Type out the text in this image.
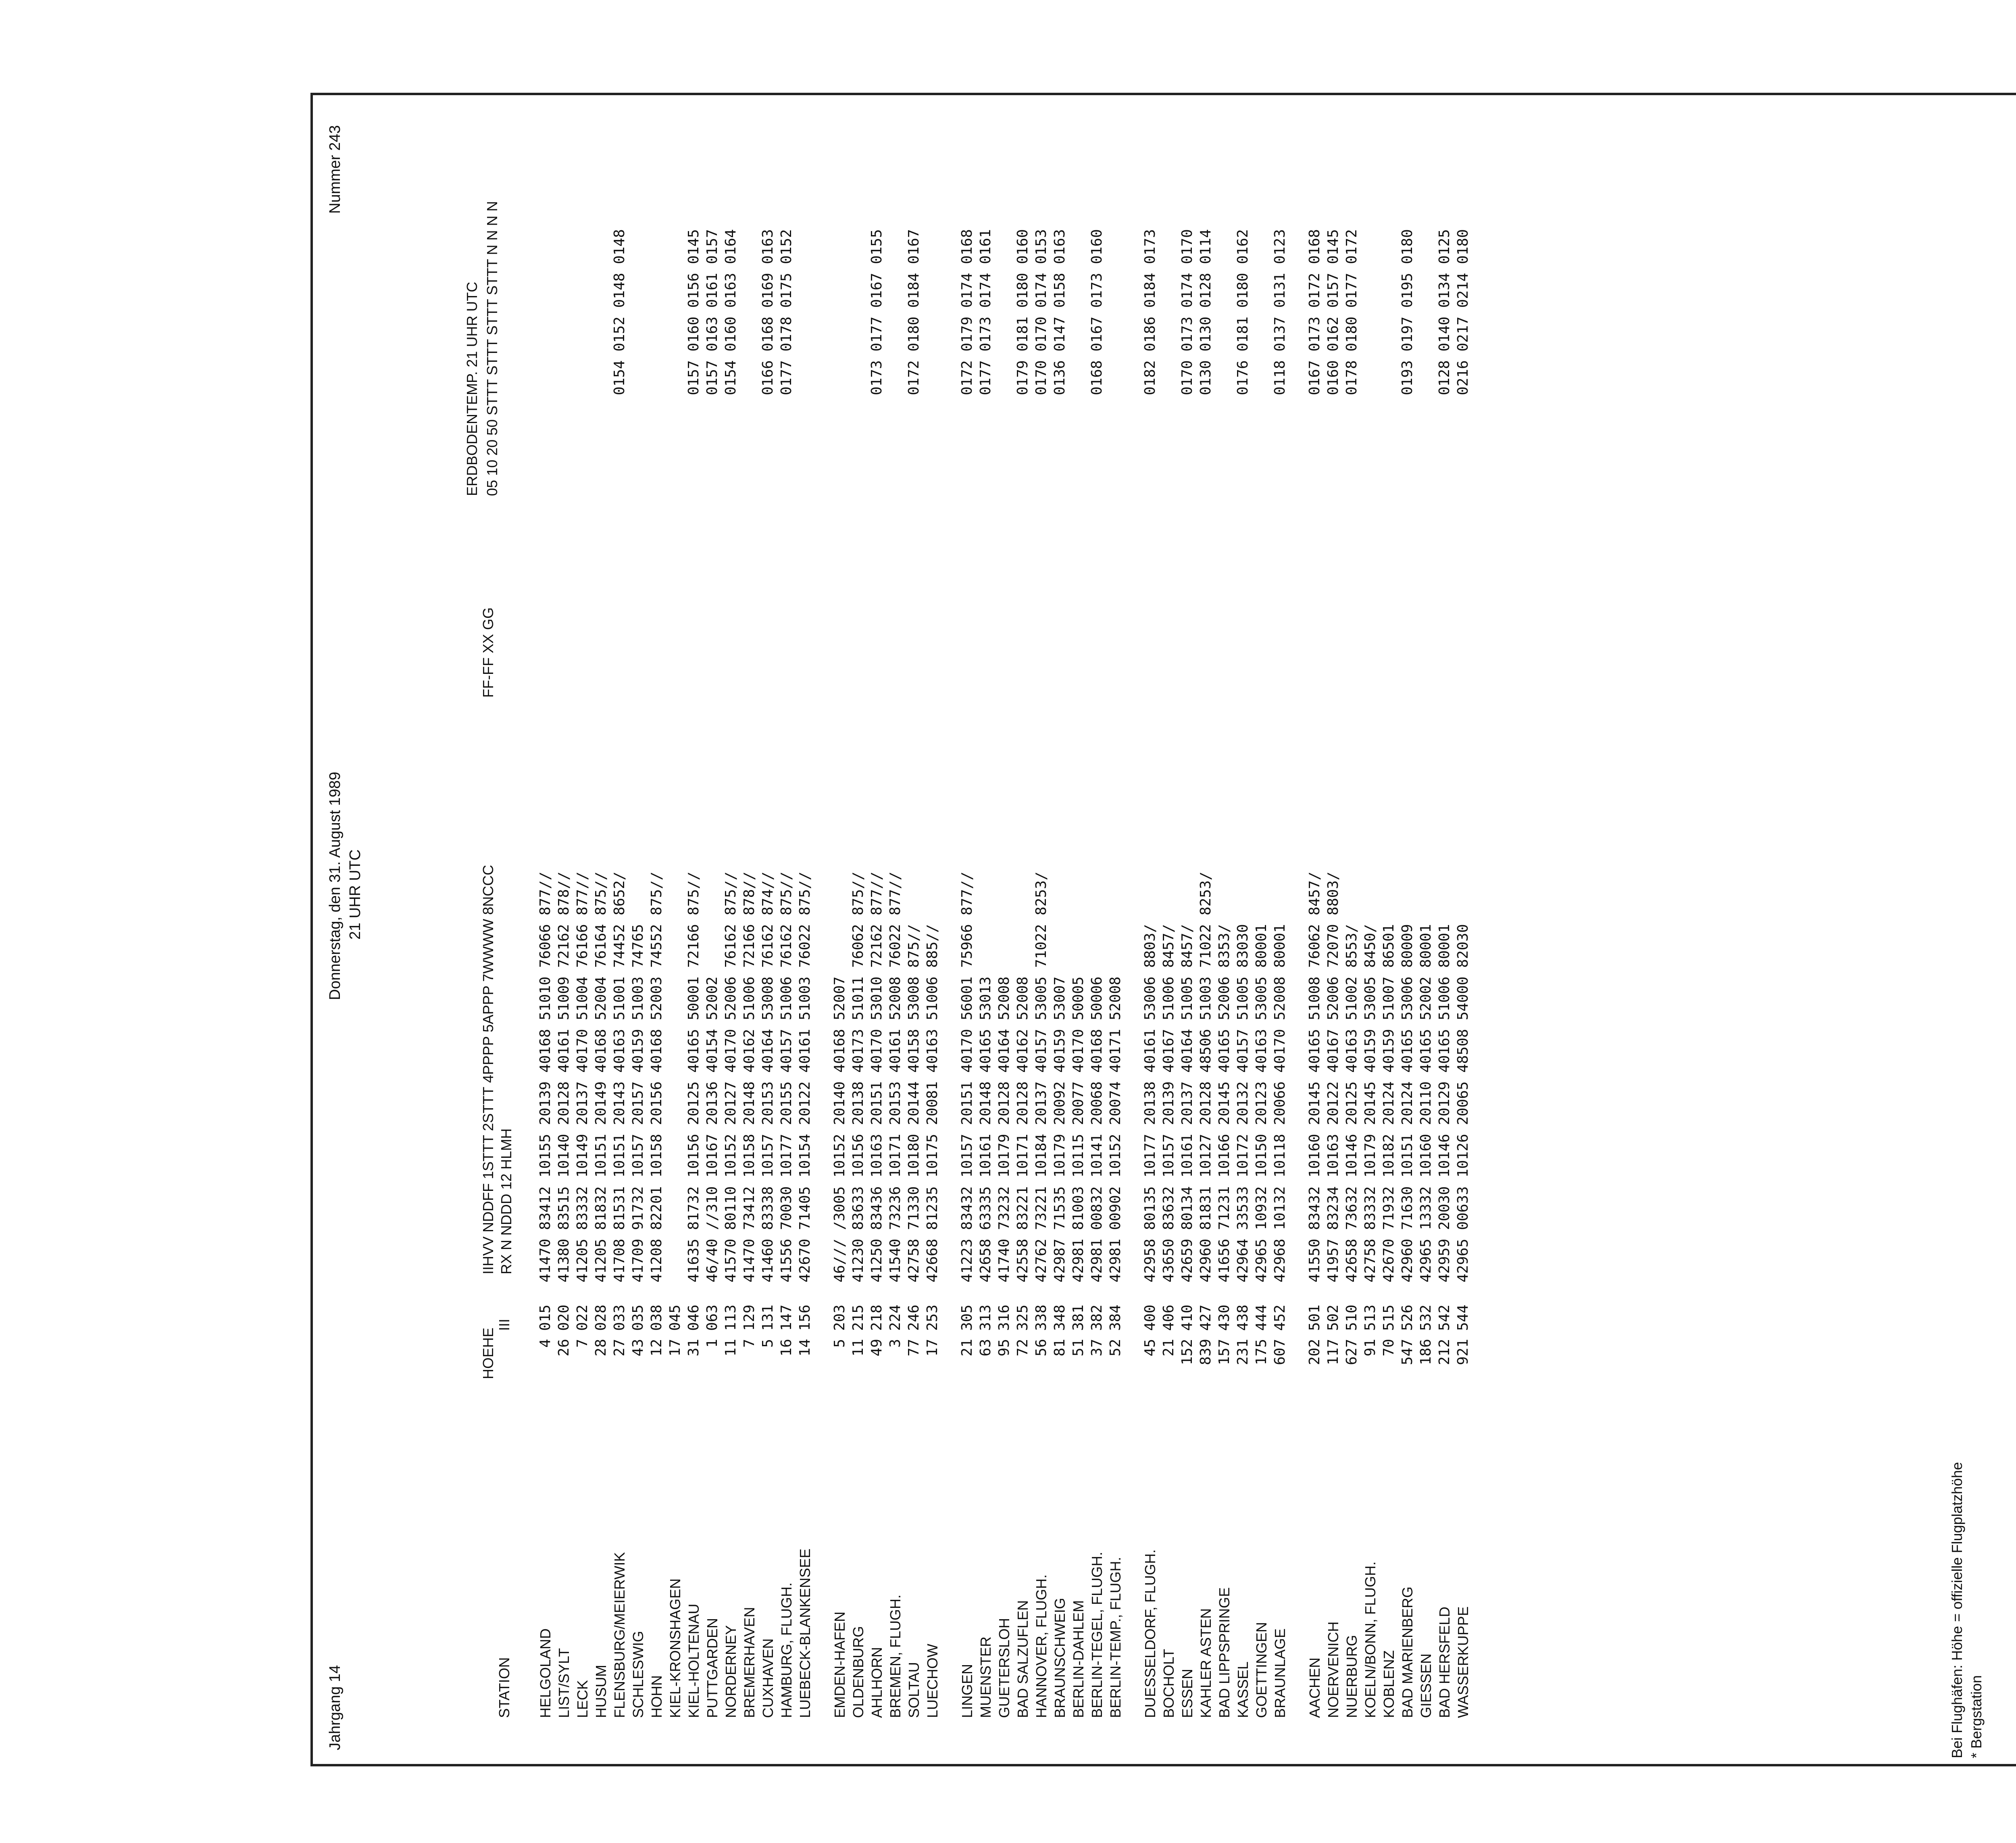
Jahrgang 14
Donnerstag, den 31. August 1989 21 UHR UTC
Nummer 243
STATION
HOEHE
III
IIHVV NDDFF 1STTT 2STTT 4PPPP 5APPP 7WWWW 8NCCC RX N NDDD 12 HLMH
FF-FF XX GG
ERDBODENTEMP. 21 UHR UTC 05 10 20 50 STTT STTT STTT STTT N N N N
HELGOLAND
4
015
41470 83412 10155 20139 40168 51010 76066 877//
LIST/SYLT
26
020
41380 83515 10140 20128 40161 51009 72162 878//
LECK
7
022
41205 83332 10149 20137 40170 51004 76166 877//
HUSUM
28
028
41205 81832 10151 20149 40168 52004 76164 875//
FLENSBURG/MEIERWIK
27
033
41708 81531 10151 20143 40163 51001 74452 8652/
0154 0152 0148 0148
SCHLESWIG
43
035
41709 91732 10157 20157 40159 51003 74765
HOHN
12
038
41208 82201 10158 20156 40168 52003 74552 875//
KIEL-KRONSHAGEN
17
045
KIEL-HOLTENAU
31
046
41635 81732 10156 20125 40165 50001 72166 875//
0157 0160 0156 0145
PUTTGARDEN
1
063
46/40 //310 10167 20136 40154 52002
0157 0163 0161 0157
NORDERNEY
11
113
41570 80110 10152 20127 40170 52006 76162 875//
0154 0160 0163 0164
BREMERHAVEN
7
129
41470 73412 10158 20148 40162 51006 72166 878//
CUXHAVEN
5
131
41460 83338 10157 20153 40164 53008 76162 874//
0166 0168 0169 0163
HAMBURG, FLUGH.
16
147
41556 70030 10177 20155 40157 51006 76162 875//
0177 0178 0175 0152
LUEBECK-BLANKENSEE
14
156
42670 71405 10154 20122 40161 51003 76022 875//
EMDEN-HAFEN
5
203
46/// /3005 10152 20140 40168 52007
OLDENBURG
11
215
41230 83633 10156 20138 40173 51011 76062 875//
AHLHORN
49
218
41250 83436 10163 20151 40170 53010 72162 877//
0173 0177 0167 0155
BREMEN, FLUGH.
3
224
41540 73236 10171 20153 40161 52008 76022 877//
SOLTAU
77
246
42758 71330 10180 20144 40158 53008 875//
0172 0180 0184 0167
LUECHOW
17
253
42668 81235 10175 20081 40163 51006 885//
LINGEN
21
305
41223 83432 10157 20151 40170 56001 75966 877//
0172 0179 0174 0168
MUENSTER
63
313
42658 63335 10161 20148 40165 53013
0177 0173 0174 0161
GUETERSLOH
95
316
41740 73232 10179 20128 40164 52008
BAD SALZUFLEN
72
325
42558 83221 10171 20128 40162 52008
0179 0181 0180 0160
HANNOVER, FLUGH.
56
338
42762 73221 10184 20137 40157 53005 71022 8253/
0170 0170 0174 0153
BRAUNSCHWEIG
81
348
42987 71535 10179 20092 40159 53007
0136 0147 0158 0163
BERLIN-DAHLEM
51
381
42981 81003 10115 20077 40170 50005
BERLIN-TEGEL, FLUGH.
37
382
42981 00832 10141 20068 40168 50006
0168 0167 0173 0160
BERLIN-TEMP., FLUGH.
52
384
42981 00902 10152 20074 40171 52008
DUESSELDORF, FLUGH.
45
400
42958 80135 10177 20138 40161 53006 8803/
0182 0186 0184 0173
BOCHOLT
21
406
43650 83632 10157 20139 40167 51006 8457/
ESSEN
152
410
42659 80134 10161 20137 40164 51005 8457/
0170 0173 0174 0170
KAHLER ASTEN
839
427
42960 81831 10127 20128 48506 51003 71022 8253/
0130 0130 0128 0114
BAD LIPPSPRINGE
157
430
41656 71231 10166 20145 40165 52006 8353/
KASSEL
231
438
42964 33533 10172 20132 40157 51005 83030
0176 0181 0180 0162
GOETTINGEN
175
444
42965 10932 10150 20123 40163 53005 80001
BRAUNLAGE
607
452
42968 10132 10118 20066 40170 52008 80001
0118 0137 0131 0123
AACHEN
202
501
41550 83432 10160 20145 40165 51008 76062 8457/
0167 0173 0172 0168
NOERVENICH
117
502
41957 83234 10163 20122 40167 52006 72070 8803/
0160 0162 0157 0145
NUERBURG
627
510
42658 73632 10146 20125 40163 51002 8553/
0178 0180 0177 0172
KOELN/BONN, FLUGH.
91
513
42758 83332 10179 20145 40159 53005 8450/
KOBLENZ
70
515
42670 71932 10182 20124 40159 51007 86501
BAD MARIENBERG
547
526
42960 71630 10151 20124 40165 53006 80009
0193 0197 0195 0180
GIESSEN
186
532
42965 13332 10160 20110 40165 52002 80001
BAD HERSFELD
212
542
42959 20030 10146 20129 40165 51006 80001
0128 0140 0134 0125
WASSERKUPPE
921
544
42965 00633 10126 20065 48508 54000 82030
0216 0217 0214 0180
Bei Flughäfen: Höhe = offizielle Flugplatzhöhe * Bergstation
